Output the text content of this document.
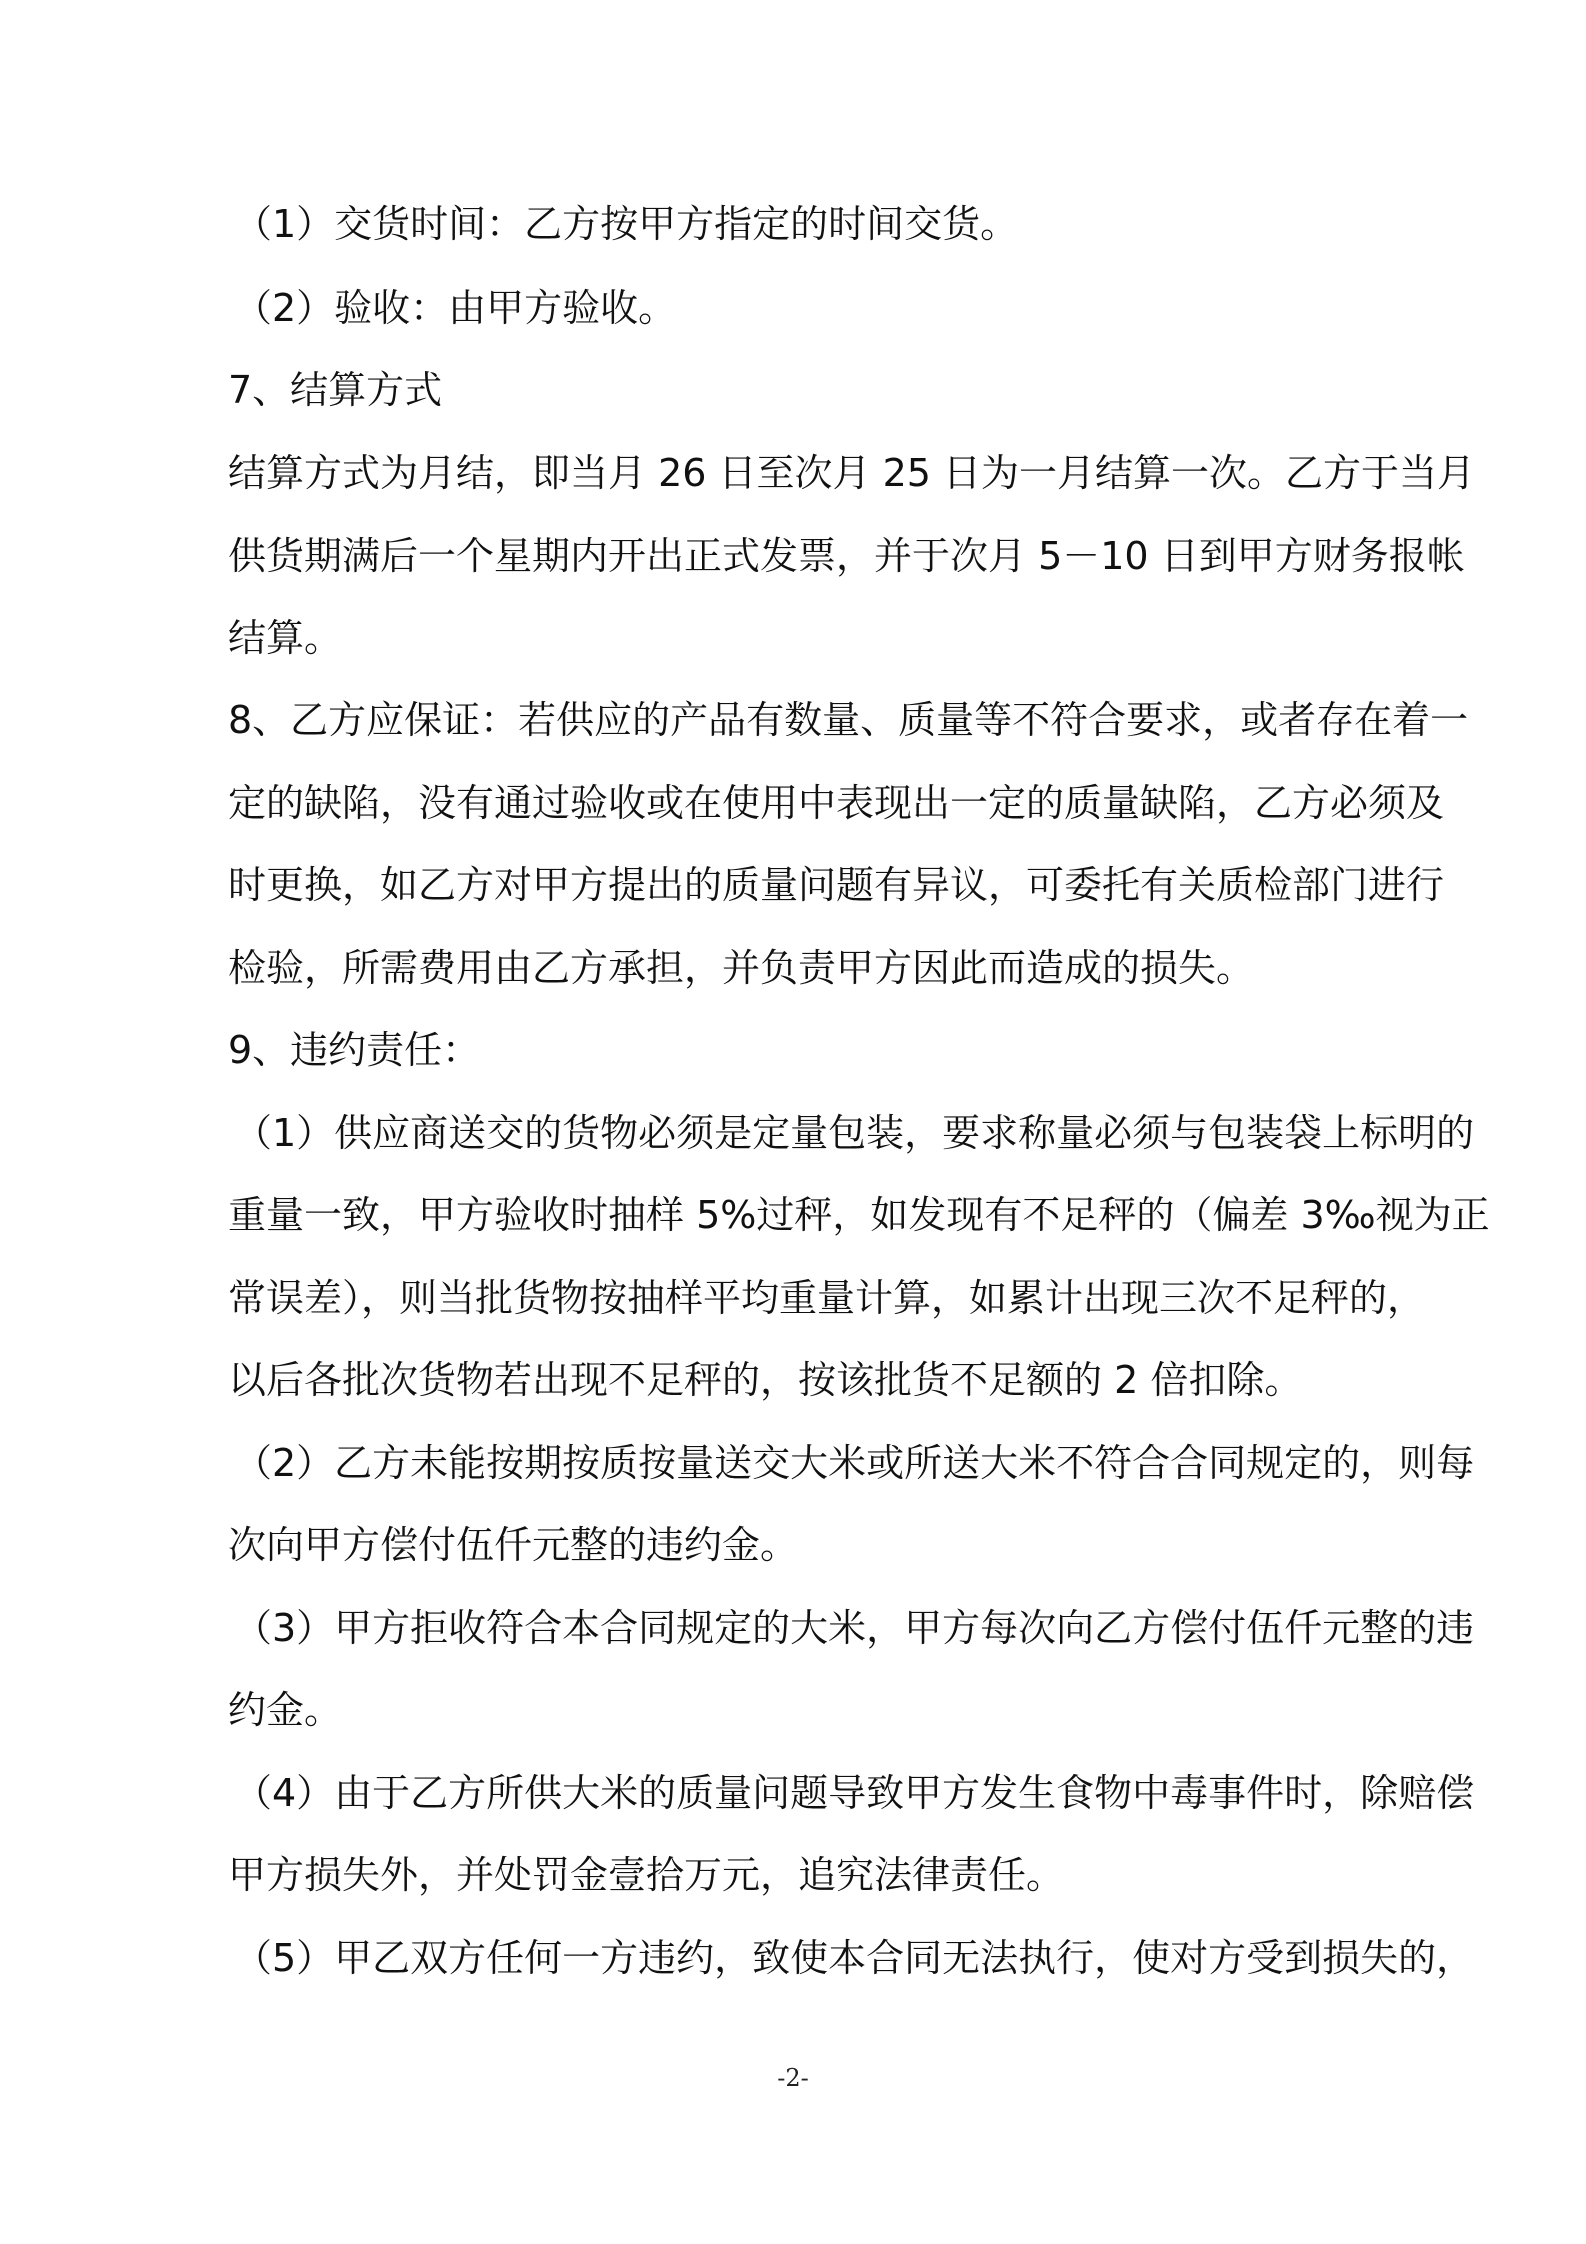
（1）交货时间：乙方按甲方指定的时间交货。
（2）验收：由甲方验收。
7、结算方式
结算方式为月结，即当月 26 日至次月 25 日为一月结算一次。乙方于当月
供货期满后一个星期内开出正式发票，并于次月 5－10 日到甲方财务报帐
结算。
8、乙方应保证：若供应的产品有数量、质量等不符合要求，或者存在着一
定的缺陷，没有通过验收或在使用中表现出一定的质量缺陷，乙方必须及
时更换，如乙方对甲方提出的质量问题有异议，可委托有关质检部门进行
检验，所需费用由乙方承担，并负责甲方因此而造成的损失。
9、违约责任：
（1）供应商送交的货物必须是定量包装，要求称量必须与包装袋上标明的
重量一致，甲方验收时抽样 5%过秤，如发现有不足秤的（偏差 3‰视为正
常误差），则当批货物按抽样平均重量计算，如累计出现三次不足秤的，
以后各批次货物若出现不足秤的，按该批货不足额的 2 倍扣除。
（2）乙方未能按期按质按量送交大米或所送大米不符合合同规定的，则每
次向甲方偿付伍仟元整的违约金。
（3）甲方拒收符合本合同规定的大米，甲方每次向乙方偿付伍仟元整的违
约金。
（4）由于乙方所供大米的质量问题导致甲方发生食物中毒事件时，除赔偿
甲方损失外，并处罚金壹拾万元，追究法律责任。
（5）甲乙双方任何一方违约，致使本合同无法执行，使对方受到损失的，
-2-
